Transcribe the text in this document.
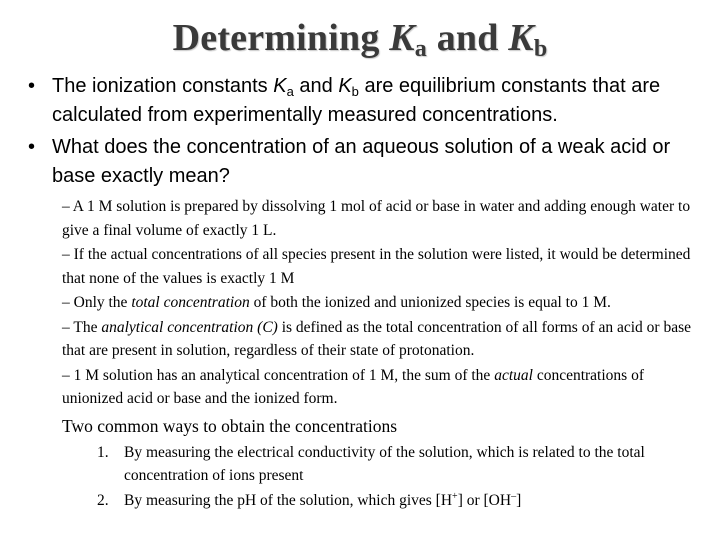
Determining $K_a$ and $K_b$
• The ionization constants $K_a$ and $K_b$ are equilibrium constants that are calculated from experimentally measured concentrations.
• What does the concentration of an aqueous solution of a weak acid or base exactly mean?
– A 1 M solution is prepared by dissolving 1 mol of acid or base in water and adding enough water to give a final volume of exactly 1 L.
– If the actual concentrations of all species present in the solution were listed, it would be determined that none of the values is exactly 1 M
– Only the total concentration of both the ionized and unionized species is equal to 1 M.
– The analytical concentration (C) is defined as the total concentration of all forms of an acid or base that are present in solution, regardless of their state of protonation.
– 1 M solution has an analytical concentration of 1 M, the sum of the actual concentrations of unionized acid or base and the ionized form.
Two common ways to obtain the concentrations
1. By measuring the electrical conductivity of the solution, which is related to the total concentration of ions present
2. By measuring the pH of the solution, which gives [H+] or [OH–]
